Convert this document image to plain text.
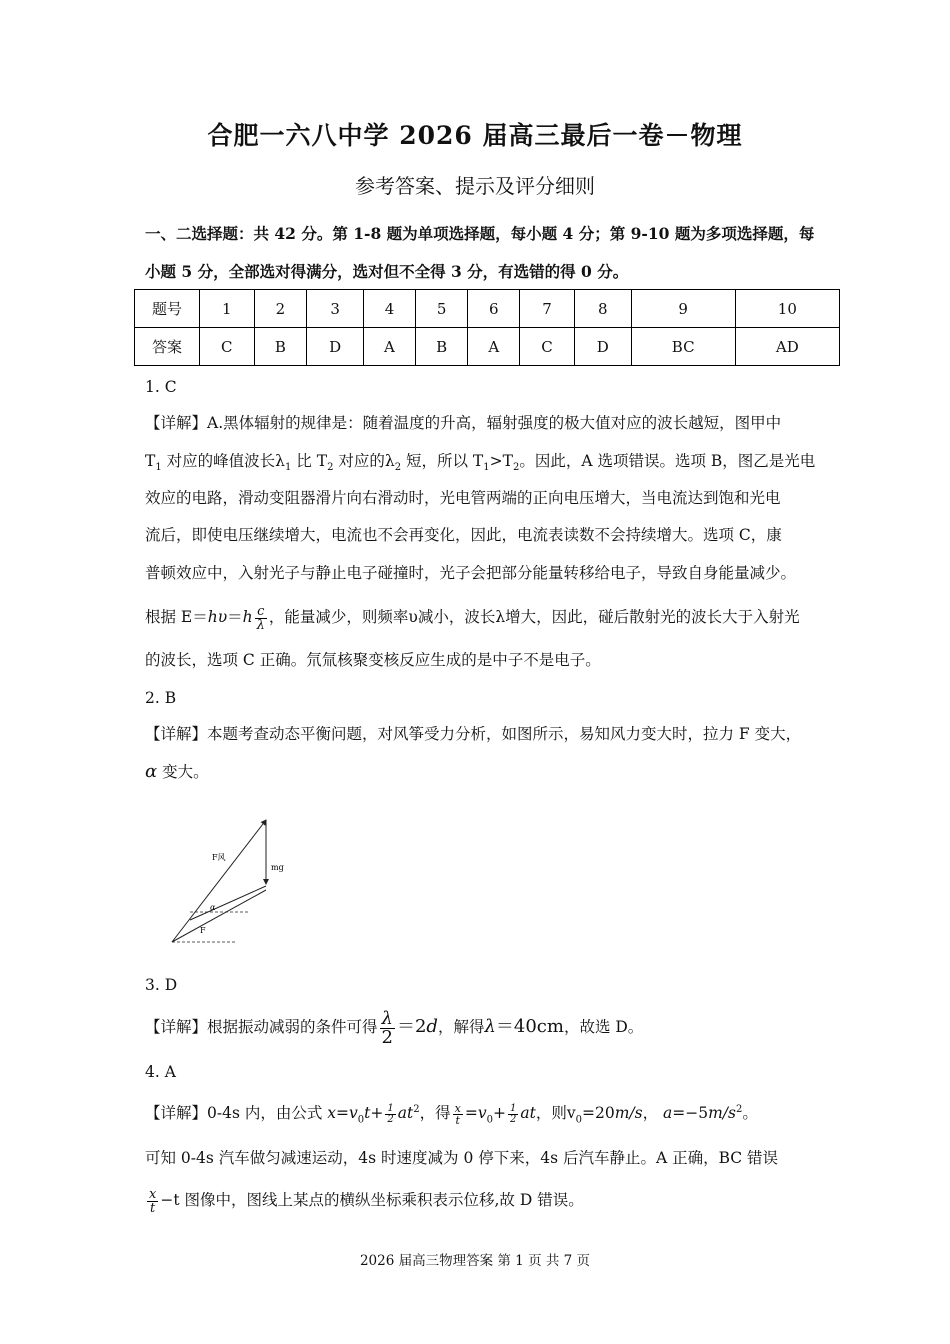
合肥一六八中学 2026 届高三最后一卷－物理
参考答案、提示及评分细则
一、二选择题：共 42 分。第 1-8 题为单项选择题，每小题 4 分；第 9-10 题为多项选择题，每
小题 5 分，全部选对得满分，选对但不全得 3 分，有选错的得 0 分。
题号	1	2	3	4	5	6	7	8	9	10
答案	C	B	D	A	B	A	C	D	BC	AD
1. C
【详解】A.黑体辐射的规律是：随着温度的升高，辐射强度的极大值对应的波长越短，图甲中
$T_1$ 对应的峰值波长$\lambda_1$ 比 $T_2$ 对应的$\lambda_2$ 短，所以 $T_1>T_2$。因此，A 选项错误。选项 B，图乙是光电
效应的电路，滑动变阻器滑片向右滑动时，光电管两端的正向电压增大，当电流达到饱和光电
流后，即使电压继续增大，电流也不会再变化，因此，电流表读数不会持续增大。选项 C，康
普顿效应中，入射光子与静止电子碰撞时，光子会把部分能量转移给电子，导致自身能量减少。
根据 $E=h\upsilon=h \frac{c}{\lambda}$ ，能量减少，则频率υ减小，波长λ增大，因此，碰后散射光的波长大于入射光
的波长，选项 C 正确。氘氚核聚变核反应生成的是中子不是电子。
2. B
【详解】本题考查动态平衡问题，对风筝受力分析，如图所示，易知风力变大时，拉力 F 变大，
α 变大。
F风
mg
α
F
3. D
【详解】根据振动减弱的条件可得 $\frac{\lambda}{2} =2d$，解得λ＝40cm，故选 D。
4. A
【详解】0-4s 内，由公式 $x=v_0t+ \frac{1}{2} at^2$，得 $\frac{x}{t} =v_0+ \frac{1}{2}$ at，则$v_0=20m/s$， $a=-5m/s^2$。
可知 0-4s 汽车做匀减速运动，4s 时速度减为 0 停下来，4s 后汽车静止。A 正确，BC 错误
$\frac{x}{t} -t$ 图像中，图线上某点的横纵坐标乘积表示位移,故 D 错误。
2026 届高三物理答案 第 1 页 共 7 页
